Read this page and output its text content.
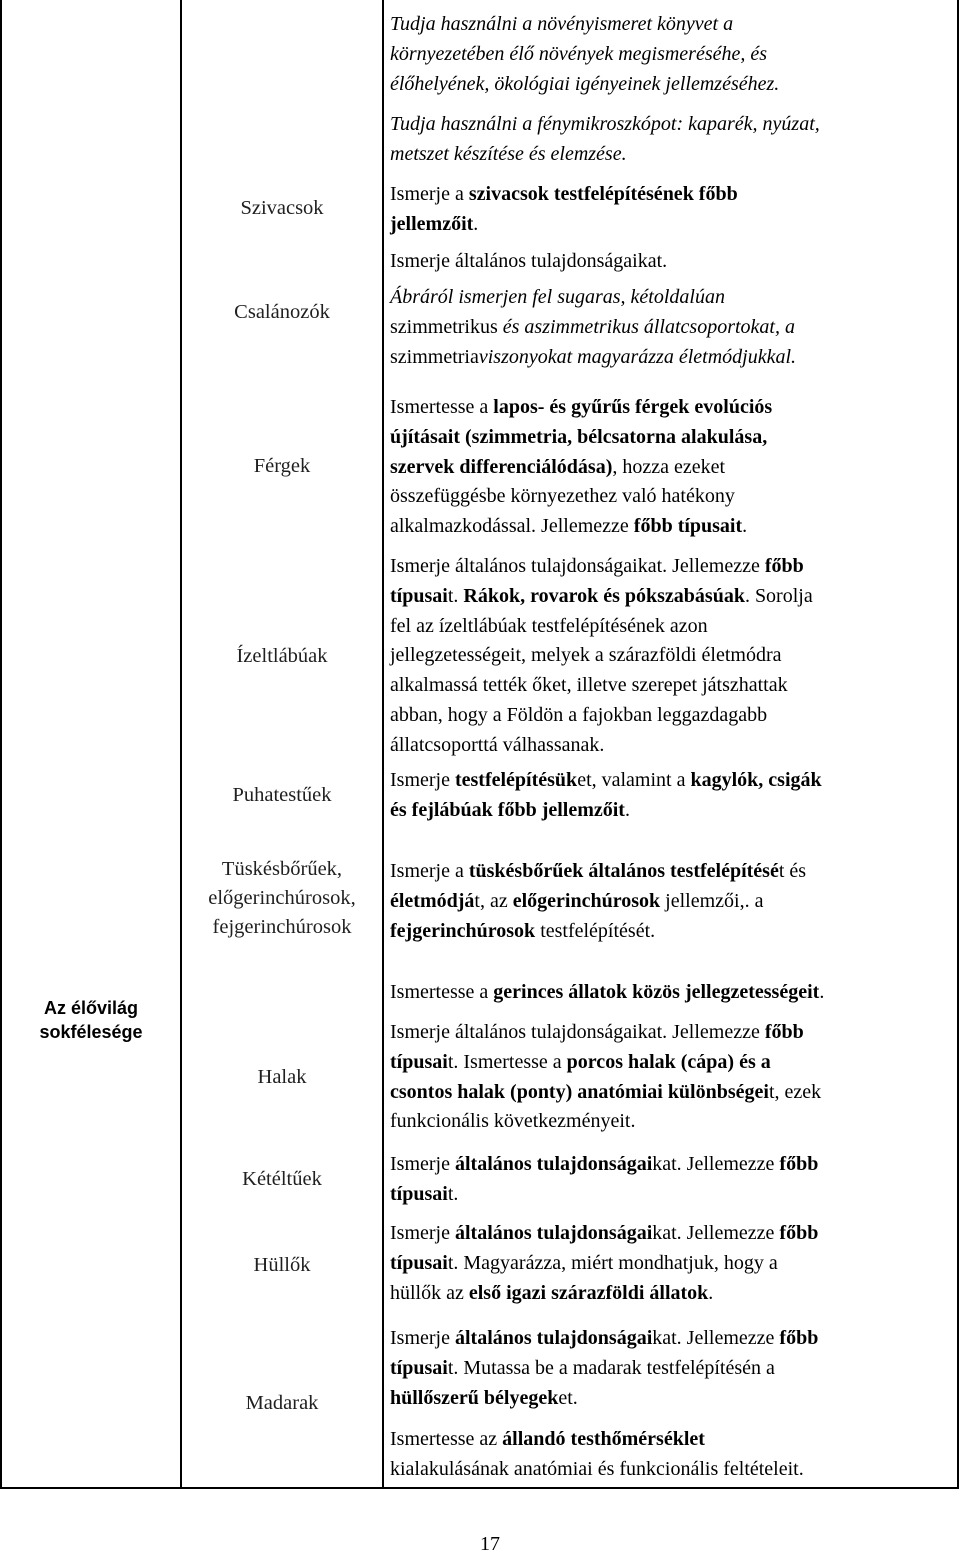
Az élővilág sokfélesége
Szivacsok
Csalánozók
Férgek
Ízeltlábúak
Puhatestűek
Tüskésbőrűek,
előgerinchúrosok,
fejgerinchúrosok
Halak
Kétéltűek
Hüllők
Madarak
Tudja használni a növényismeret könyvet a
környezetében élő növények megismeréséhe, és
élőhelyének, ökológiai igényeinek jellemzéséhez.
Tudja használni a fénymikroszkópot: kaparék, nyúzat,
metszet készítése és elemzése.
Ismerje a szivacsok testfelépítésének főbb
jellemzőit.
Ismerje általános tulajdonságaikat.
Ábráról ismerjen fel sugaras, kétoldalúan
szimmetrikus és aszimmetrikus állatcsoportokat, a
szimmetriaviszonyokat magyarázza életmódjukkal.
Ismertesse a lapos- és gyűrűs férgek evolúciós
újításait (szimmetria, bélcsatorna alakulása,
szervek differenciálódása), hozza ezeket
összefüggésbe környezethez való hatékony
alkalmazkodással. Jellemezze főbb típusait.
Ismerje általános tulajdonságaikat. Jellemezze főbb
típusait. Rákok, rovarok és pókszabásúak. Sorolja
fel az ízeltlábúak testfelépítésének azon
jellegzetességeit, melyek a szárazföldi életmódra
alkalmassá tették őket, illetve szerepet játszhattak
abban, hogy a Földön a fajokban leggazdagabb
állatcsoporttá válhassanak.
Ismerje testfelépítésüket, valamint a kagylók, csigák
és fejlábúak főbb jellemzőit.
Ismerje a tüskésbőrűek általános testfelépítését és
életmódját, az előgerinchúrosok jellemzői,. a
fejgerinchúrosok testfelépítését.
Ismertesse a gerinces állatok közös jellegzetességeit.
Ismerje általános tulajdonságaikat. Jellemezze főbb
típusait. Ismertesse a porcos halak (cápa) és a
csontos halak (ponty) anatómiai különbségeit, ezek
funkcionális következményeit.
Ismerje általános tulajdonságaikat. Jellemezze főbb
típusait.
Ismerje általános tulajdonságaikat. Jellemezze főbb
típusait. Magyarázza, miért mondhatjuk, hogy a
hüllők az első igazi szárazföldi állatok.
Ismerje általános tulajdonságaikat. Jellemezze főbb
típusait. Mutassa be a madarak testfelépítésén a
hüllőszerű bélyegeket.
Ismertesse az állandó testhőmérséklet
kialakulásának anatómiai és funkcionális feltételeit.
17
